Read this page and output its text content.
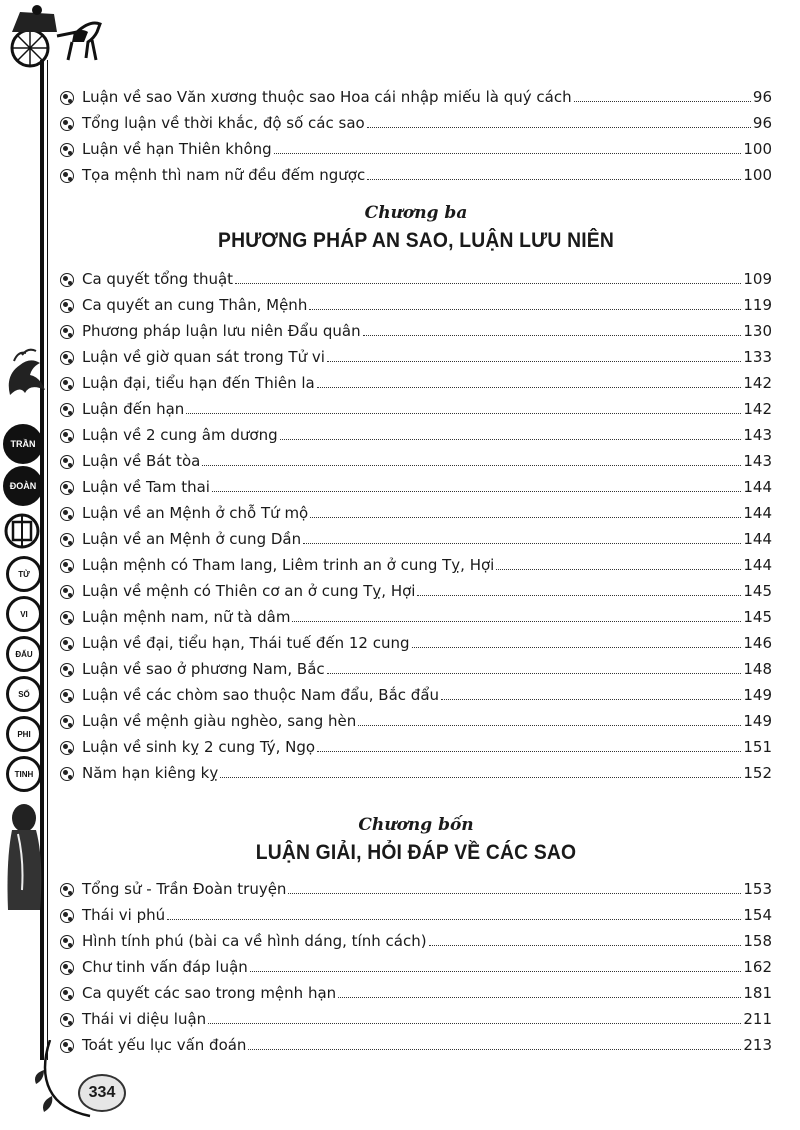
TRẦN
ĐOÀN
TỬ
VI
ĐẨU
SỐ
PHI
TINH
334
Luận về sao Văn xương thuộc sao Hoa cái nhập miếu là quý cách	96
Tổng luận về thời khắc, độ số các sao	96
Luận về hạn Thiên không	100
Tọa mệnh thì nam nữ đều đếm ngược	100
Chương ba
PHƯƠNG PHÁP AN SAO, LUẬN LƯU NIÊN
Ca quyết tổng thuật	109
Ca quyết an cung Thân, Mệnh	119
Phương pháp luận lưu niên Đẩu quân	130
Luận về giờ quan sát trong Tử vi	133
Luận đại, tiểu hạn đến Thiên la	142
Luận đến hạn	142
Luận về 2 cung âm dương	143
Luận về Bát tòa	143
Luận về Tam thai	144
Luận về an Mệnh ở chỗ Tứ mộ	144
Luận về an Mệnh ở cung Dần	144
Luận mệnh có Tham lang, Liêm trinh an ở cung Tỵ, Hợi	144
Luận về mệnh có Thiên cơ an ở cung Tỵ, Hợi	145
Luận mệnh nam, nữ tà dâm	145
Luận về đại, tiểu hạn, Thái tuế đến 12 cung	146
Luận về sao ở phương Nam, Bắc	148
Luận về các chòm sao thuộc Nam đẩu, Bắc đẩu	149
Luận về mệnh giàu nghèo, sang hèn	149
Luận về sinh kỵ 2 cung Tý, Ngọ	151
Năm hạn kiêng kỵ	152
Chương bốn
LUẬN GIẢI, HỎI ĐÁP VỀ CÁC SAO
Tổng sử - Trần Đoàn truyện	153
Thái vi phú	154
Hình tính phú (bài ca về hình dáng, tính cách)	158
Chư tinh vấn đáp luận	162
Ca quyết các sao trong mệnh hạn	181
Thái vi diệu luận	211
Toát yếu lục vấn đoán	213
